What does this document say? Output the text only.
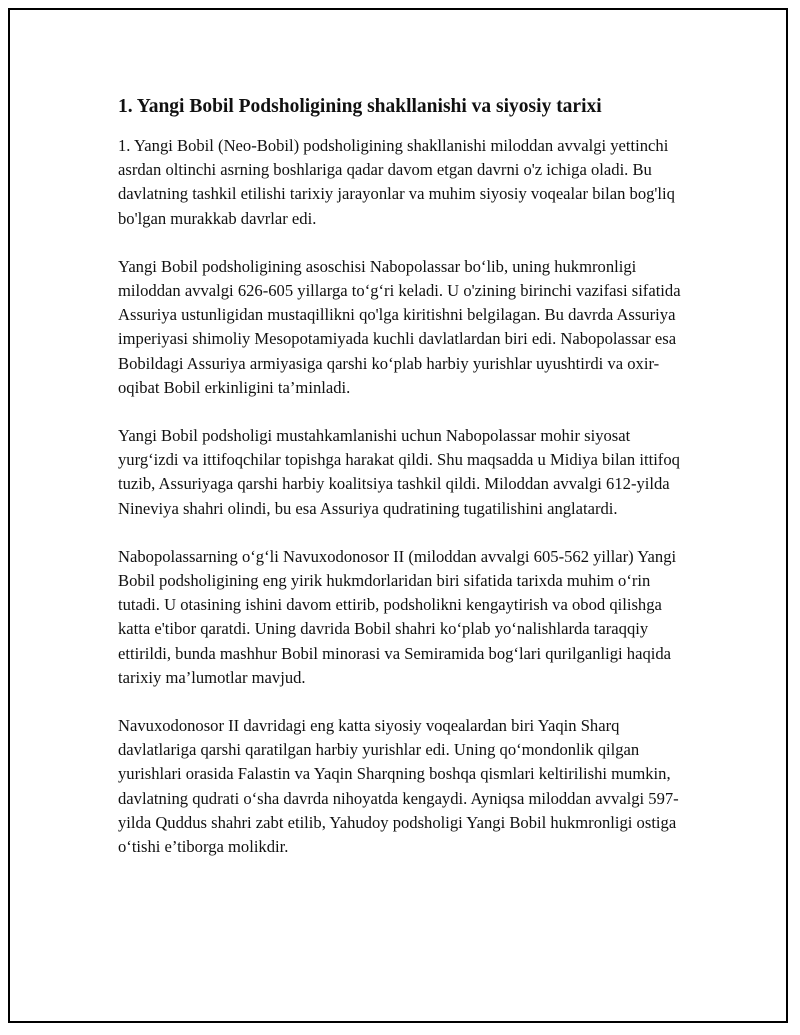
1. Yangi Bobil Podsholigining shakllanishi va siyosiy tarixi

1. Yangi Bobil (Neo-Bobil) podsholigining shakllanishi miloddan avvalgi yettinchi asrdan oltinchi asrning boshlariga qadar davom etgan davrni o'z ichiga oladi. Bu davlatning tashkil etilishi tarixiy jarayonlar va muhim siyosiy voqealar bilan bog'liq bo'lgan murakkab davrlar edi.

Yangi Bobil podsholigining asoschisi Nabopolassar bo‘lib, uning hukmronligi miloddan avvalgi 626-605 yillarga to‘g‘ri keladi. U o'zining birinchi vazifasi sifatida Assuriya ustunligidan mustaqillikni qo'lga kiritishni belgilagan. Bu davrda Assuriya imperiyasi shimoliy Mesopotamiyada kuchli davlatlardan biri edi. Nabopolassar esa Bobildagi Assuriya armiyasiga qarshi ko‘plab harbiy yurishlar uyushtirdi va oxir-oqibat Bobil erkinligini ta’minladi.

Yangi Bobil podsholigi mustahkamlanishi uchun Nabopolassar mohir siyosat yurg‘izdi va ittifoqchilar topishga harakat qildi. Shu maqsadda u Midiya bilan ittifoq tuzib, Assuriyaga qarshi harbiy koalitsiya tashkil qildi. Miloddan avvalgi 612-yilda Nineviya shahri olindi, bu esa Assuriya qudratining tugatilishini anglatardi.

Nabopolassarning o‘g‘li Navuxodonosor II (miloddan avvalgi 605-562 yillar) Yangi Bobil podsholigining eng yirik hukmdorlaridan biri sifatida tarixda muhim o‘rin tutadi. U otasining ishini davom ettirib, podsholikni kengaytirish va obod qilishga katta e'tibor qaratdi. Uning davrida Bobil shahri ko‘plab yo‘nalishlarda taraqqiy ettirildi, bunda mashhur Bobil minorasi va Semiramida bog‘lari qurilganligi haqida tarixiy ma’lumotlar mavjud.

Navuxodonosor II davridagi eng katta siyosiy voqealardan biri Yaqin Sharq davlatlariga qarshi qaratilgan harbiy yurishlar edi. Uning qo‘mondonlik qilgan yurishlari orasida Falastin va Yaqin Sharqning boshqa qismlari keltirilishi mumkin, davlatning qudrati o‘sha davrda nihoyatda kengaydi. Ayniqsa miloddan avvalgi 597-yilda Quddus shahri zabt etilib, Yahudoy podsholigi Yangi Bobil hukmronligi ostiga o‘tishi e’tiborga molikdir.
